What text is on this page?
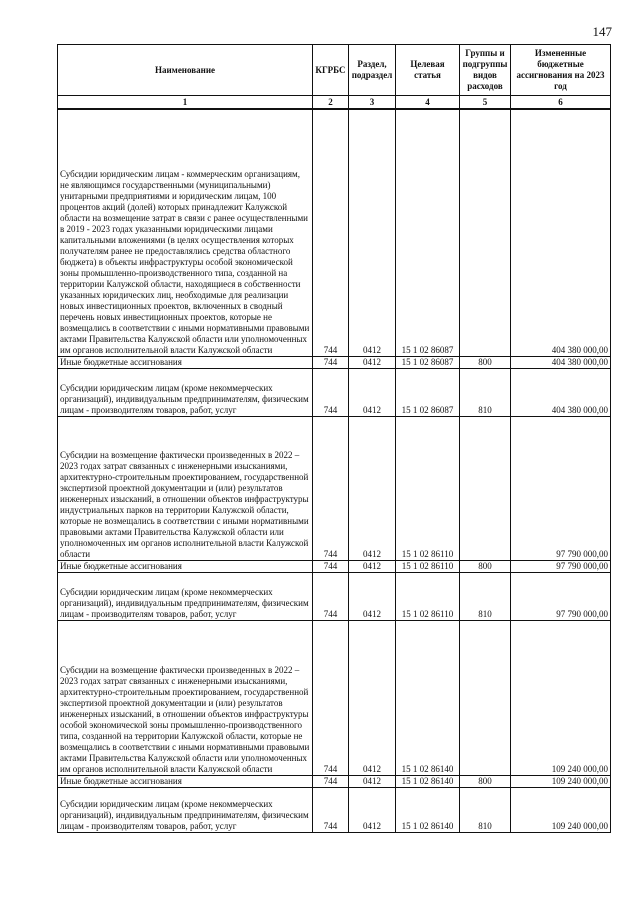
147
Наименование	КГРБС	Раздел, подраздел	Целевая статья	Группы и подгруппы видов расходов	Измененные бюджетные ассигнования на 2023 год
1	2	3	4	5	6
Субсидии юридическим лицам - коммерческим организациям, не являющимся государственными (муниципальными) унитарными предприятиями и юридическим лицам, 100 процентов акций (долей) которых принадлежит Калужской области на возмещение затрат в связи с ранее осуществленными в 2019 - 2023 годах указанными юридическими лицами капитальными вложениями (в целях осуществления которых получателям ранее не предоставлялись средства областного бюджета) в объекты инфраструктуры особой экономической зоны промышленно-производственного типа, созданной на территории Калужской области, находящиеся в собственности указанных юридических лиц, необходимые для реализации новых инвестиционных проектов, включенных в сводный перечень новых инвестиционных проектов, которые не возмещались в соответствии с иными нормативными правовыми актами Правительства Калужской области или уполномоченных им органов исполнительной власти Калужской области	744	0412	15 1 02 86087		404 380 000,00
Иные бюджетные ассигнования	744	0412	15 1 02 86087	800	404 380 000,00
Субсидии юридическим лицам (кроме некоммерческих организаций), индивидуальным предпринимателям, физическим лицам - производителям товаров, работ, услуг	744	0412	15 1 02 86087	810	404 380 000,00
Субсидии на возмещение фактически произведенных в 2022 – 2023 годах затрат связанных с инженерными изысканиями, архитектурно-строительным проектированием, государственной экспертизой проектной документации и (или) результатов инженерных изысканий, в отношении объектов инфраструктуры индустриальных парков на территории Калужской области, которые не возмещались в соответствии с иными нормативными правовыми актами Правительства Калужской области или уполномоченных им органов исполнительной власти Калужской области	744	0412	15 1 02 86110		97 790 000,00
Иные бюджетные ассигнования	744	0412	15 1 02 86110	800	97 790 000,00
Субсидии юридическим лицам (кроме некоммерческих организаций), индивидуальным предпринимателям, физическим лицам - производителям товаров, работ, услуг	744	0412	15 1 02 86110	810	97 790 000,00
Субсидии на возмещение фактически произведенных в 2022 – 2023 годах затрат связанных с инженерными изысканиями, архитектурно-строительным проектированием, государственной экспертизой проектной документации и (или) результатов инженерных изысканий, в отношении объектов инфраструктуры особой экономической зоны промышленно-производственного типа, созданной на территории Калужской области, которые не возмещались в соответствии с иными нормативными правовыми актами Правительства Калужской области или уполномоченных им органов исполнительной власти Калужской области	744	0412	15 1 02 86140		109 240 000,00
Иные бюджетные ассигнования	744	0412	15 1 02 86140	800	109 240 000,00
Субсидии юридическим лицам (кроме некоммерческих организаций), индивидуальным предпринимателям, физическим лицам - производителям товаров, работ, услуг	744	0412	15 1 02 86140	810	109 240 000,00
